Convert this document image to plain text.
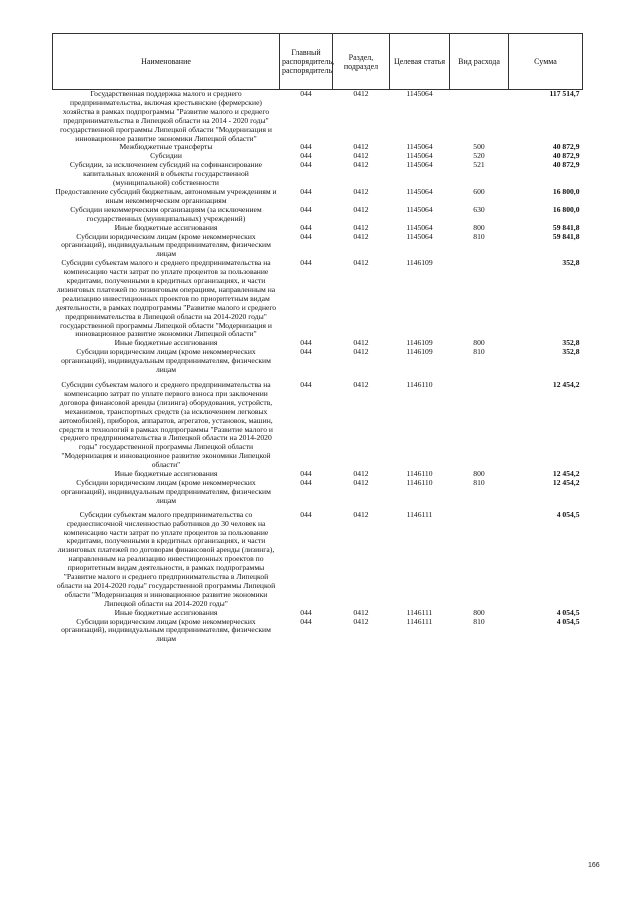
Наименование	Главный распорядитель, распорядитель	Раздел, подраздел	Целевая статья	Вид расхода	Сумма
Государственная поддержка малого и среднего предпринимательства, включая крестьянские (фермерские) хозяйства в рамках подпрограммы "Развитие малого и среднего предпринимательства в Липецкой области на 2014 - 2020 годы" государственной программы Липецкой области "Модернизация и инновационное развитие экономики Липецкой области"	044	0412	1145064		117 514,7
Межбюджетные трансферты	044	0412	1145064	500	40 872,9
Субсидии	044	0412	1145064	520	40 872,9
Субсидии, за исключением субсидий на софинансирование капитальных вложений в объекты государственной (муниципальной) собственности	044	0412	1145064	521	40 872,9
Предоставление субсидий бюджетным, автономным учреждениям и иным некоммерческим организациям	044	0412	1145064	600	16 800,0
Субсидии некоммерческим организациям (за исключением государственных (муниципальных) учреждений)	044	0412	1145064	630	16 800,0
Иные бюджетные ассигнования	044	0412	1145064	800	59 841,8
Субсидии юридическим лицам (кроме некоммерческих организаций), индивидуальным предпринимателям, физическим лицам	044	0412	1145064	810	59 841,8
Субсидии субъектам малого и среднего предпринимательства на компенсацию части затрат по уплате процентов за пользование кредитами, полученными в кредитных организациях, и части лизинговых платежей по лизинговым операциям, направленным на реализацию инвестиционных проектов по приоритетным видам деятельности, в рамках подпрограммы "Развитие малого и среднего предпринимательства в Липецкой области на 2014-2020 годы" государственной программы Липецкой области "Модернизация и инновационное развитие экономики Липецкой области"	044	0412	1146109		352,8
Иные бюджетные ассигнования	044	0412	1146109	800	352,8
Субсидии юридическим лицам (кроме некоммерческих организаций), индивидуальным предпринимателям, физическим лицам	044	0412	1146109	810	352,8
Субсидии субъектам малого и среднего предпринимательства на компенсацию затрат по уплате первого взноса при заключении договора финансовой аренды (лизинга) оборудования, устройств, механизмов, транспортных средств (за исключением легковых автомобилей), приборов, аппаратов, агрегатов, установок, машин, средств и технологий в рамках подпрограммы "Развитие малого и среднего предпринимательства в Липецкой области на 2014-2020 годы" государственной программы Липецкой области "Модернизация и инновационное развитие экономики Липецкой области"	044	0412	1146110		12 454,2
Иные бюджетные ассигнования	044	0412	1146110	800	12 454,2
Субсидии юридическим лицам (кроме некоммерческих организаций), индивидуальным предпринимателям, физическим лицам	044	0412	1146110	810	12 454,2
Субсидии субъектам малого предпринимательства со среднесписочной численностью работников до 30 человек на компенсацию части затрат по уплате процентов за пользование кредитами, полученными в кредитных организациях, и части лизинговых платежей по договорам финансовой аренды (лизинга), направленным на реализацию инвестиционных проектов по приоритетным видам деятельности, в рамках подпрограммы "Развитие малого и среднего предпринимательства в Липецкой области на 2014-2020 годы" государственной программы Липецкой области "Модернизация и инновационное развитие экономики Липецкой области на 2014-2020 годы"	044	0412	1146111		4 054,5
Иные бюджетные ассигнования	044	0412	1146111	800	4 054,5
Субсидии юридическим лицам (кроме некоммерческих организаций), индивидуальным предпринимателям, физическим лицам	044	0412	1146111	810	4 054,5
166
